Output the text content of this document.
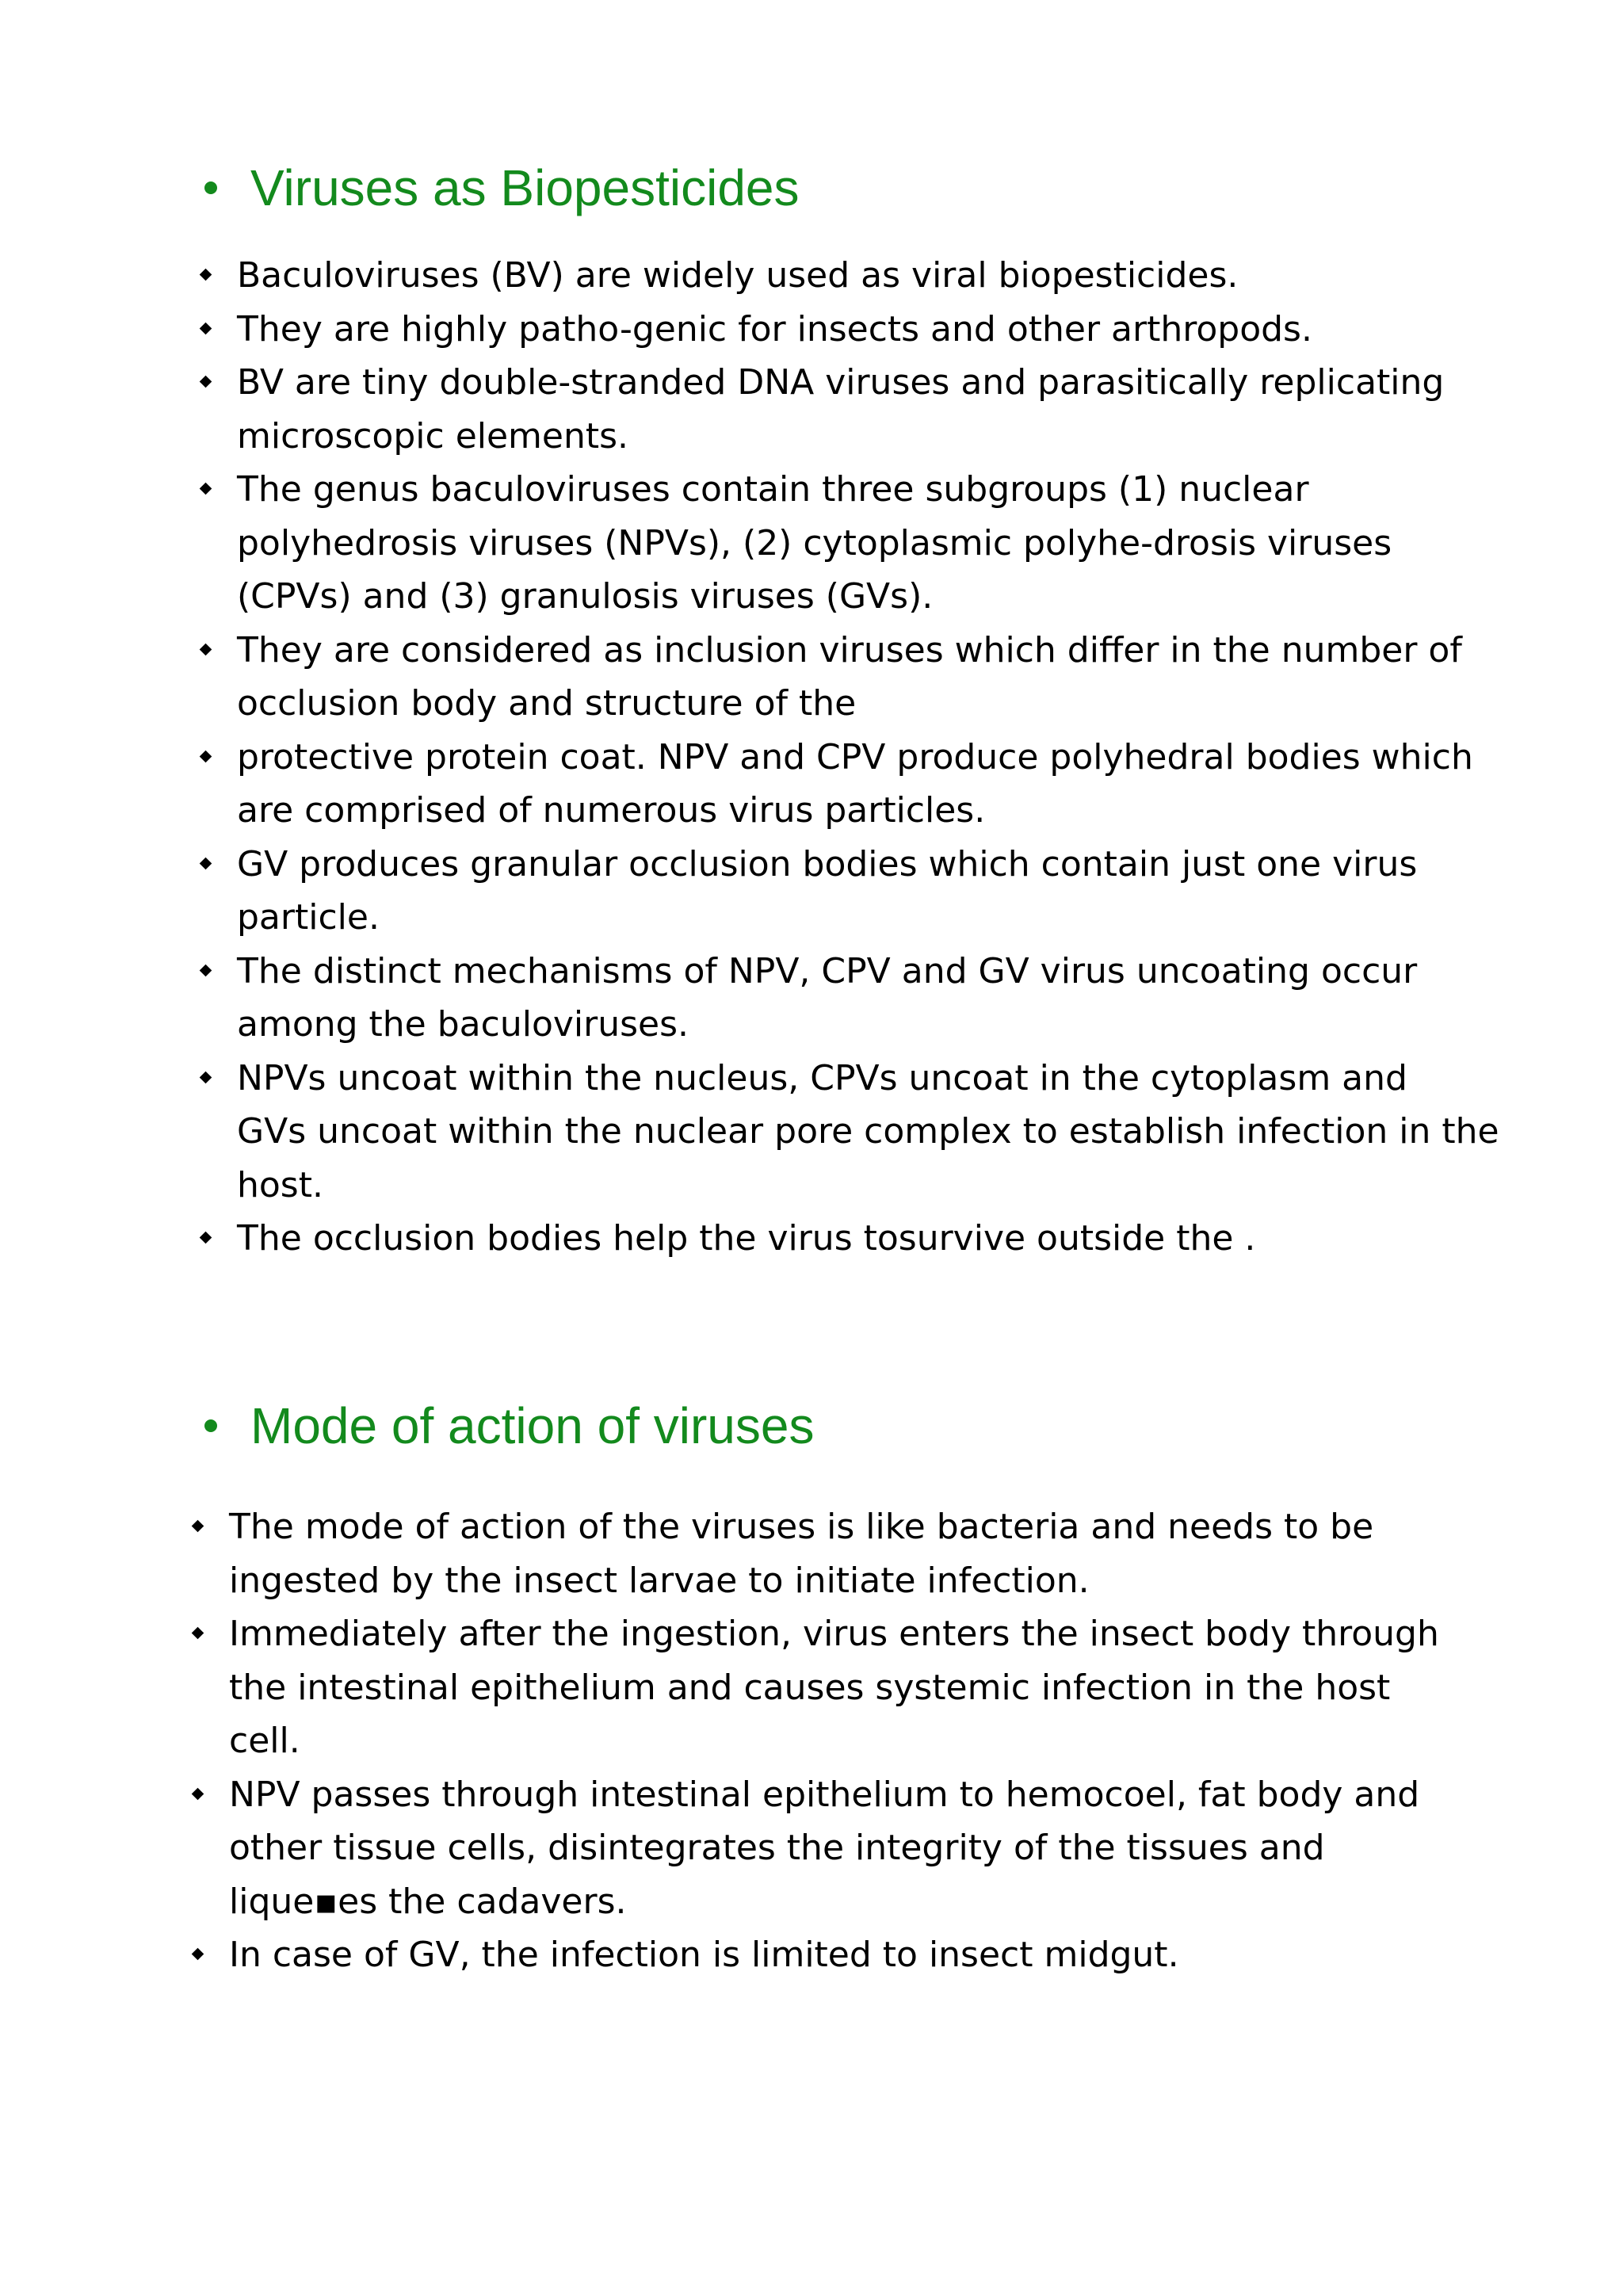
Viruses as Biopesticides
Baculoviruses (BV) are widely used as viral biopesticides.
They are highly patho-genic for insects and other arthropods.
BV are tiny double-stranded DNA viruses and parasitically replicating
microscopic elements.
The genus baculoviruses contain three subgroups (1) nuclear
polyhedrosis viruses (NPVs), (2) cytoplasmic polyhe-drosis viruses
(CPVs) and (3) granulosis viruses (GVs).
They are considered as inclusion viruses which differ in the number of
occlusion body and structure of the
protective protein coat. NPV and CPV produce polyhedral bodies which
are comprised of numerous virus particles.
GV produces granular occlusion bodies which contain just one virus
particle.
The distinct mechanisms of NPV, CPV and GV virus uncoating occur
among the baculoviruses.
NPVs uncoat within the nucleus, CPVs uncoat in the cytoplasm and
GVs uncoat within the nuclear pore complex to establish infection in the
host.
The occlusion bodies help the virus tosurvive outside the .
Mode of action of viruses
The mode of action of the viruses is like bacteria and needs to be
ingested by the insect larvae to initiate infection.
Immediately after the ingestion, virus enters the insect body through
the intestinal epithelium and causes systemic infection in the host
cell.
NPV passes through intestinal epithelium to hemocoel, fat body and
other tissue cells, disintegrates the integrity of the tissues and
lique▪es the cadavers.
In case of GV, the infection is limited to insect midgut.
